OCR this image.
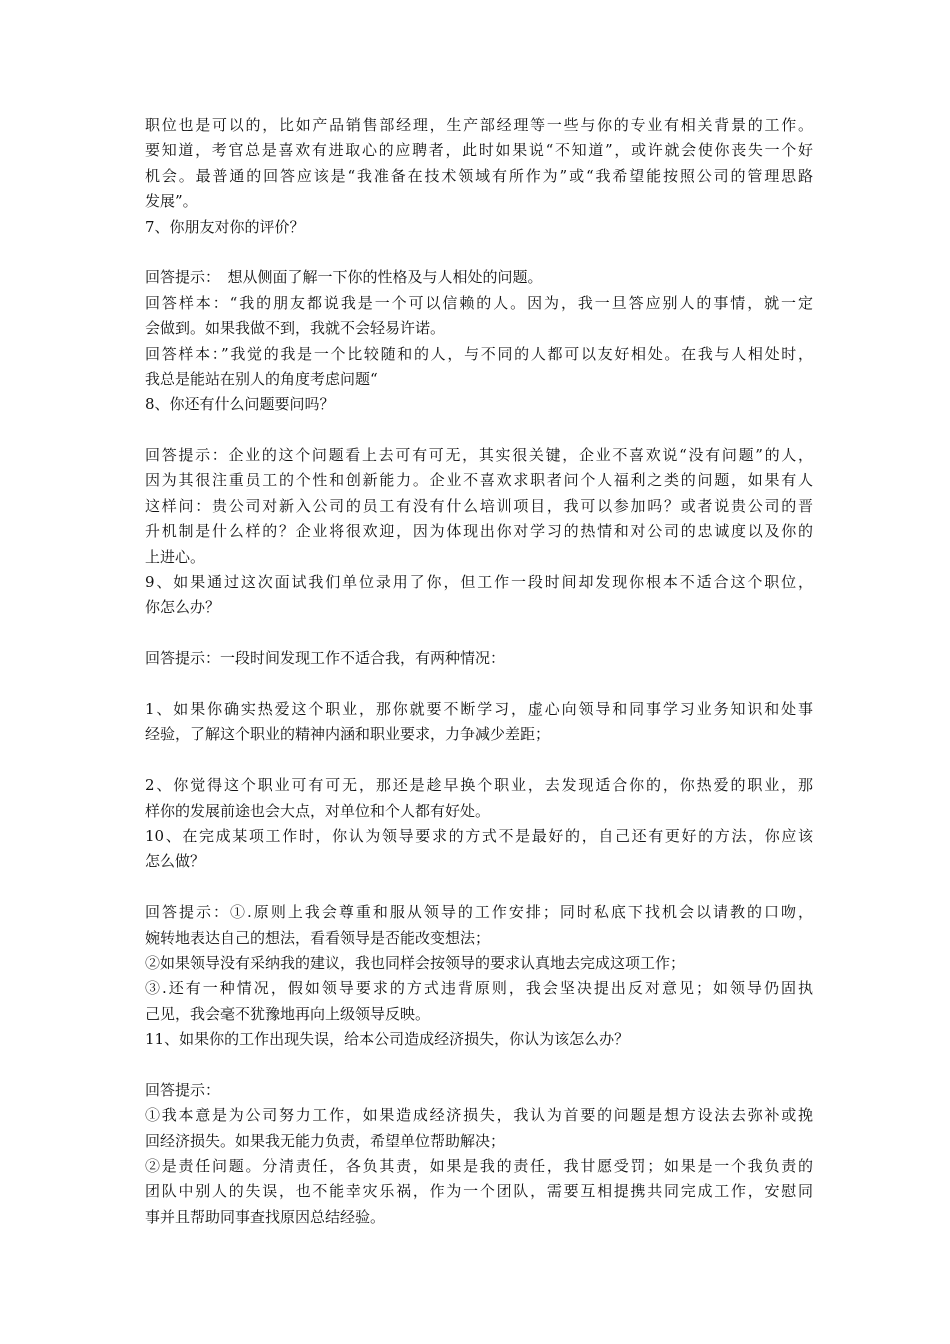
职位也是可以的，比如产品销售部经理，生产部经理等一些与你的专业有相关背景的工作。
要知道，考官总是喜欢有进取心的应聘者，此时如果说“不知道”，或许就会使你丧失一个好
机会。最普通的回答应该是“我准备在技术领域有所作为”或“我希望能按照公司的管理思路
发展”。
7、你朋友对你的评价？
回答提示：　想从侧面了解一下你的性格及与人相处的问题。
回答样本：“我的朋友都说我是一个可以信赖的人。因为，我一旦答应别人的事情，就一定
会做到。如果我做不到，我就不会轻易许诺。
回答样本：”我觉的我是一个比较随和的人，与不同的人都可以友好相处。在我与人相处时，
我总是能站在别人的角度考虑问题“
8、你还有什么问题要问吗？
回答提示：企业的这个问题看上去可有可无，其实很关键，企业不喜欢说“没有问题”的人，
因为其很注重员工的个性和创新能力。企业不喜欢求职者问个人福利之类的问题，如果有人
这样问：贵公司对新入公司的员工有没有什么培训项目，我可以参加吗？或者说贵公司的晋
升机制是什么样的？企业将很欢迎，因为体现出你对学习的热情和对公司的忠诚度以及你的
上进心。
9、如果通过这次面试我们单位录用了你，但工作一段时间却发现你根本不适合这个职位，
你怎么办？
回答提示：一段时间发现工作不适合我，有两种情况：
1、如果你确实热爱这个职业，那你就要不断学习，虚心向领导和同事学习业务知识和处事
经验，了解这个职业的精神内涵和职业要求，力争减少差距；
2、你觉得这个职业可有可无，那还是趁早换个职业，去发现适合你的，你热爱的职业，那
样你的发展前途也会大点，对单位和个人都有好处。
10、在完成某项工作时，你认为领导要求的方式不是最好的，自己还有更好的方法，你应该
怎么做？
回答提示：①.原则上我会尊重和服从领导的工作安排；同时私底下找机会以请教的口吻，
婉转地表达自己的想法，看看领导是否能改变想法；
②如果领导没有采纳我的建议，我也同样会按领导的要求认真地去完成这项工作；
③.还有一种情况，假如领导要求的方式违背原则，我会坚决提出反对意见；如领导仍固执
己见，我会毫不犹豫地再向上级领导反映。
11、如果你的工作出现失误，给本公司造成经济损失，你认为该怎么办？
回答提示：
①我本意是为公司努力工作，如果造成经济损失，我认为首要的问题是想方设法去弥补或挽
回经济损失。如果我无能力负责，希望单位帮助解决；
②是责任问题。分清责任，各负其责，如果是我的责任，我甘愿受罚；如果是一个我负责的
团队中别人的失误，也不能幸灾乐祸，作为一个团队，需要互相提携共同完成工作，安慰同
事并且帮助同事查找原因总结经验。
